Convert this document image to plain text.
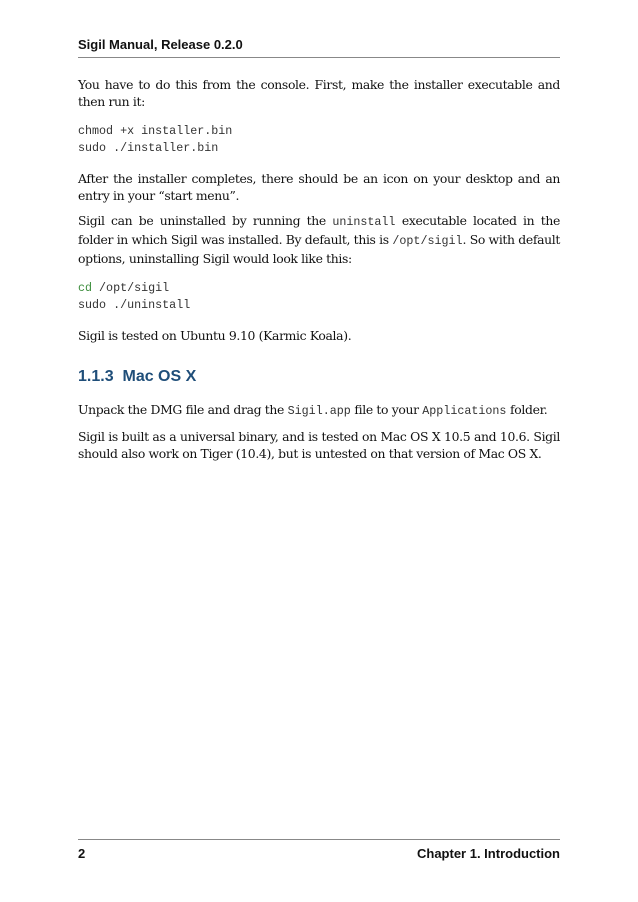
Sigil Manual, Release 0.2.0

You have to do this from the console. First, make the installer executable and then run it:

chmod +x installer.bin
sudo ./installer.bin

After the installer completes, there should be an icon on your desktop and an entry in your “start menu”.

Sigil can be uninstalled by running the uninstall executable located in the folder in which Sigil was installed. By default, this is /opt/sigil. So with default options, uninstalling Sigil would look like this:

cd /opt/sigil
sudo ./uninstall

Sigil is tested on Ubuntu 9.10 (Karmic Koala).

1.1.3 Mac OS X

Unpack the DMG file and drag the Sigil.app file to your Applications folder.

Sigil is built as a universal binary, and is tested on Mac OS X 10.5 and 10.6. Sigil should also work on Tiger (10.4), but is untested on that version of Mac OS X.

2	Chapter 1. Introduction
